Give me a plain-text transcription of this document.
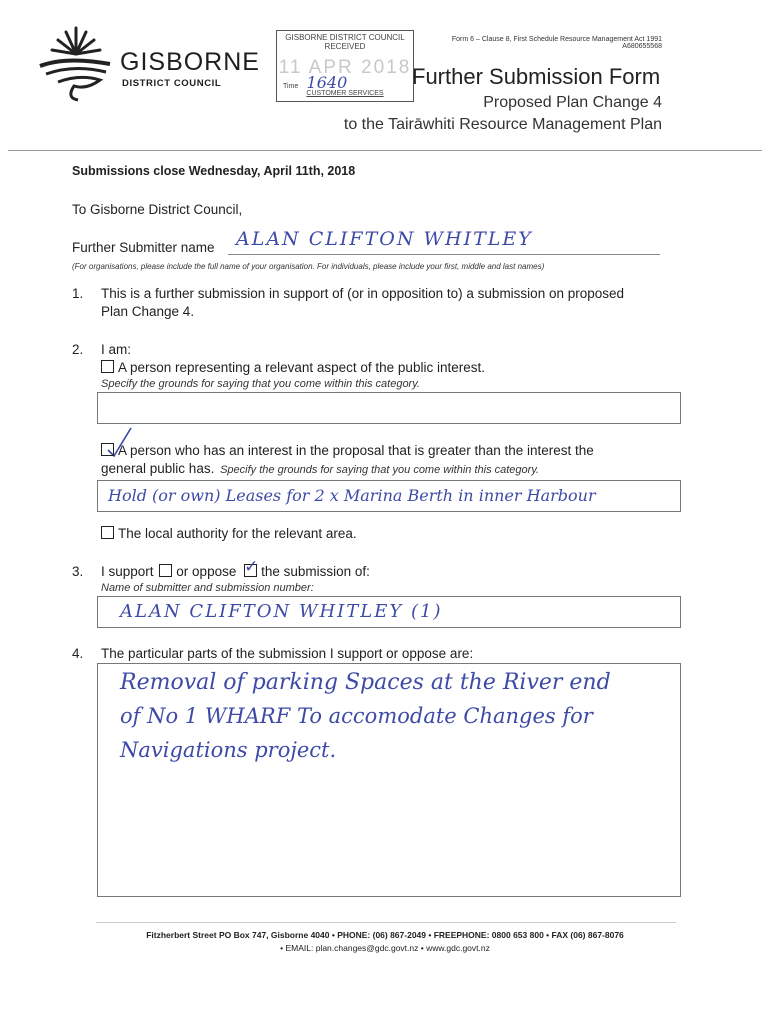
GISBORNE
DISTRICT COUNCIL
GISBORNE DISTRICT COUNCIL
RECEIVED
11 APR 2018
Time 1640
CUSTOMER SERVICES
Form 6 – Clause 8, First Schedule Resource Management Act 1991
A680655568
Further Submission Form
Proposed Plan Change 4
to the Tairāwhiti Resource Management Plan
Submissions close Wednesday, April 11th, 2018
To Gisborne District Council,
Further Submitter name ALAN CLIFTON WHITLEY
(For organisations, please include the full name of your organisation. For individuals, please include your first, middle and last names)
1. This is a further submission in support of (or in opposition to) a submission on proposed
Plan Change 4.
2. I am:
A person representing a relevant aspect of the public interest.
Specify the grounds for saying that you come within this category.
A person who has an interest in the proposal that is greater than the interest the
general public has. Specify the grounds for saying that you come within this category.
Hold (or own) Leases for 2 x Marina Berth in inner Harbour
The local authority for the relevant area.
3. I support or oppose ✓ the submission of:
Name of submitter and submission number:
ALAN CLIFTON WHITLEY (1)
4. The particular parts of the submission I support or oppose are:
Removal of parking Spaces at the River end
of No 1 WHARF To accomodate Changes for
Navigations project.
Fitzherbert Street PO Box 747, Gisborne 4040 • PHONE: (06) 867-2049 • FREEPHONE: 0800 653 800 • FAX (06) 867-8076
• EMAIL: plan.changes@gdc.govt.nz • www.gdc.govt.nz
